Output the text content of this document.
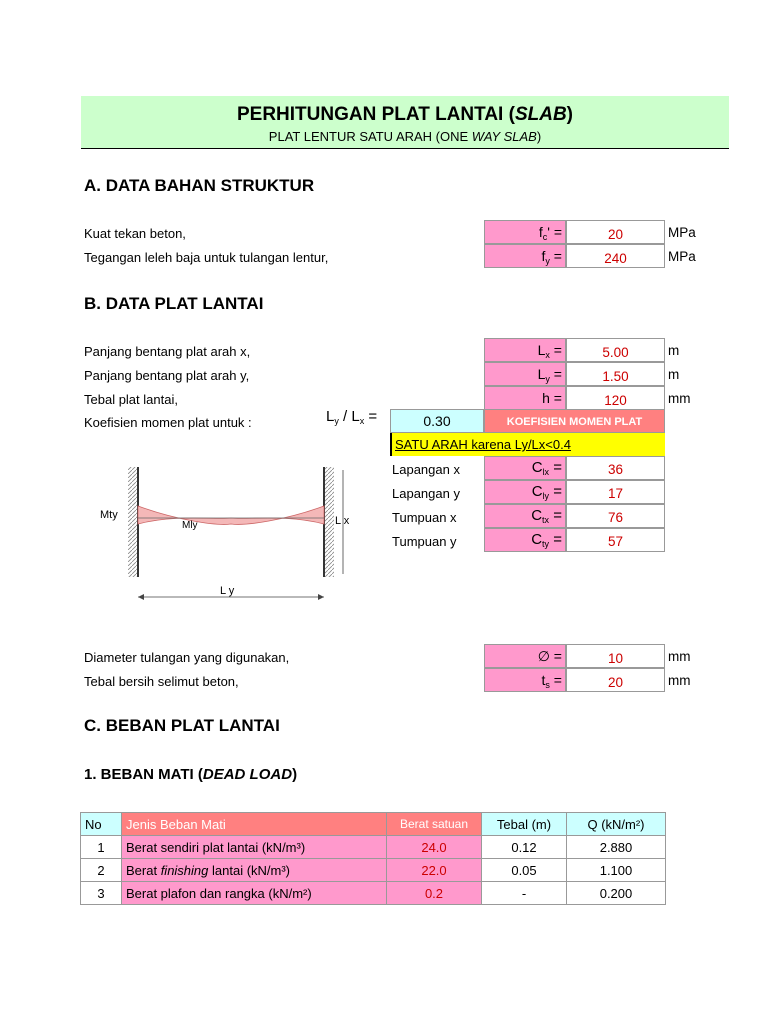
PERHITUNGAN PLAT LANTAI (SLAB)
PLAT LENTUR SATU ARAH (ONE WAY SLAB)
A. DATA BAHAN STRUKTUR
Kuat tekan beton,	$f_c'$ =	20	MPa
Tegangan leleh baja untuk tulangan lentur,	$f_y$ =	240	MPa
B. DATA PLAT LANTAI
Panjang bentang plat arah x,	$L_x$ =	5.00	m
Panjang bentang plat arah y,	$L_y$ =	1.50	m
Tebal plat lantai,	h =	120	mm
Koefisien momen plat untuk :	$L_y / L_x$ =	0.30	KOEFISIEN MOMEN PLAT
SATU ARAH karena Ly/Lx<0.4
Lapangan x	$C_{lx}$ =	36
Lapangan y	$C_{ly}$ =	17
Tumpuan x	$C_{tx}$ =	76
Tumpuan y	$C_{ty}$ =	57
Mty
Mly	L x
L y
Diameter tulangan yang digunakan,	∅ =	10	mm
Tebal bersih selimut beton,	$t_s$ =	20	mm
C. BEBAN PLAT LANTAI
1. BEBAN MATI (DEAD LOAD)
No	Jenis Beban Mati	Berat satuan	Tebal (m)	Q (kN/m²)
1	Berat sendiri plat lantai (kN/m³)	24.0	0.12	2.880
2	Berat finishing lantai (kN/m³)	22.0	0.05	1.100
3	Berat plafon dan rangka (kN/m²)	0.2	-	0.200
